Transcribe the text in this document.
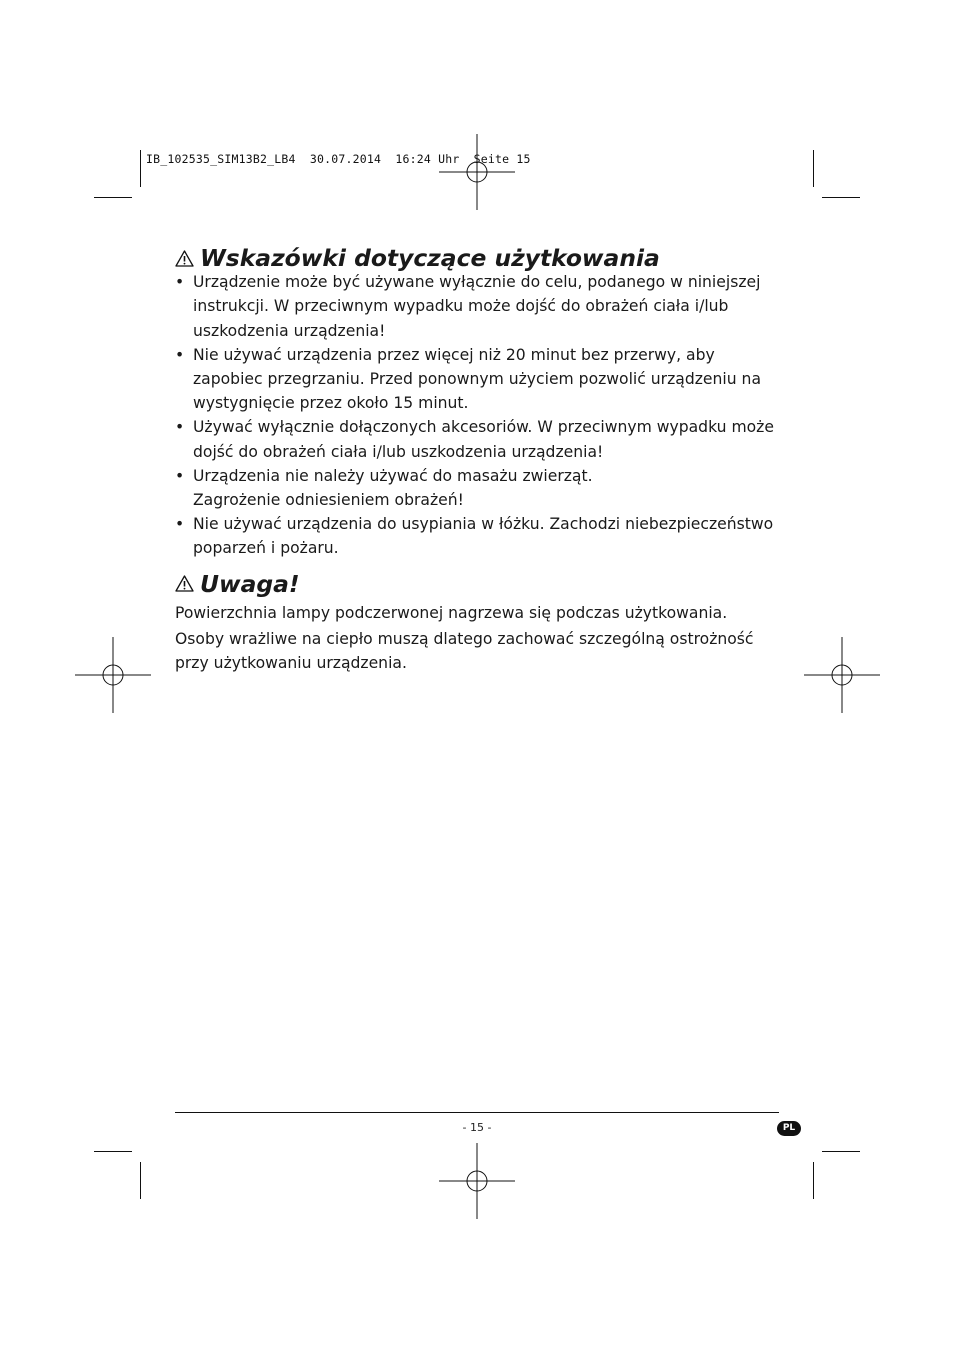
IB_102535_SIM13B2_LB4  30.07.2014  16:24 Uhr  Seite 15
Wskazówki dotyczące użytkowania
• Urządzenie może być używane wyłącznie do celu, podanego w niniejszej instrukcji. W przeciwnym wypadku może dojść do obrażeń ciała i/lub uszkodzenia urządzenia!
• Nie używać urządzenia przez więcej niż 20 minut bez przerwy, aby zapobiec przegrzaniu. Przed ponownym użyciem pozwolić urządzeniu na wystygnięcie przez około 15 minut.
• Używać wyłącznie dołączonych akcesoriów. W przeciwnym wypadku może dojść do obrażeń ciała i/lub uszkodzenia urządzenia!
• Urządzenia nie należy używać do masażu zwierząt.
Zagrożenie odniesieniem obrażeń!
• Nie używać urządzenia do usypiania w łóżku. Zachodzi niebezpieczeństwo poparzeń i pożaru.
Uwaga!

Powierzchnia lampy podczerwonej nagrzewa się podczas użytkowania.

Osoby wrażliwe na ciepło muszą dlatego zachować szczególną ostrożność przy użytkowaniu urządzenia.

- 15 -	PL
